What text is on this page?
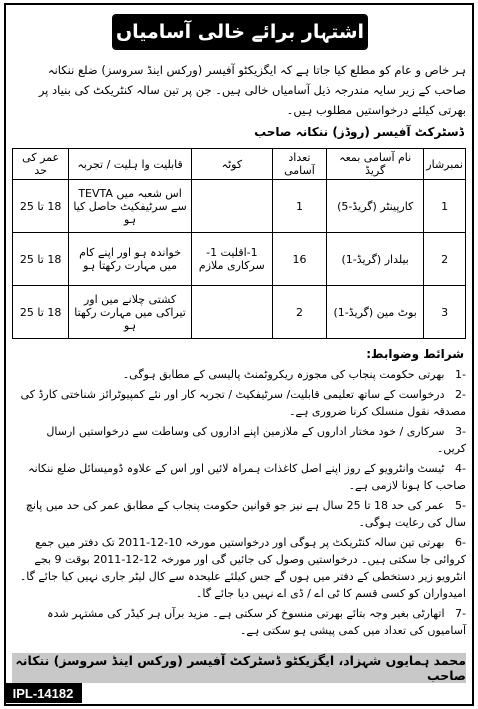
اشتہار برائے خالی آسامیاں
ہر خاص و عام کو مطلع کیا جاتا ہے کہ ایگزیکٹو آفیسر (ورکس اینڈ سروسز) ضلع ننکانہ صاحب کے زیر سایہ مندرجہ ذیل آسامیاں خالی ہیں۔ جن پر تین سالہ کنٹریکٹ کی بنیاد پر بھرتی کیلئے درخواستیں مطلوب ہیں۔
ڈسٹرکٹ آفیسر (روڈز) ننکانہ صاحب
نمبرشار	نام آسامی بمعہ گریڈ	تعداد آسامی	کوٹہ	قابلیت وا ہلیت / تجربہ	عمر کی حد
1	کارپینٹر (گریڈ-5)	1		اس شعبہ میں TEVTA سے سرٹیفکیٹ حاصل کیا ہو	18 تا 25
2	بیلدار (گریڈ-1)	16	1-اقلیت 1-سرکاری ملازم	خواندہ ہو اور اپنے کام میں مہارت رکھتا ہو	18 تا 25
3	بوٹ مین (گریڈ-1)	2		کشتی چلانے میں اور تیراکی میں مہارت رکھتا ہو	18 تا 25
شرائط وضوابط:
-1 بھرتی حکومت پنجاب کی مجوزہ ریکروٹمنٹ پالیسی کے مطابق ہوگی۔
-2 درخواست کے ساتھ تعلیمی قابلیت/ سرٹیفکیٹ / تجربہ کار اور نئے کمپیوٹرائز شناختی کارڈ کی مصدقہ نقول منسلک کرنا ضروری ہے۔
-3 سرکاری / خود مختار اداروں کے ملازمین اپنے اداروں کی وساطت سے درخواستیں ارسال کریں۔
-4 ٹیسٹ وانٹرویو کے روز اپنے اصل کاغذات ہمراہ لائیں اور اس کے علاوہ ڈومیسائل ضلع ننکانہ صاحب کا ہونا لازمی ہے۔
-5 عمر کی حد 18 تا 25 سال ہے نیز جو قوانین حکومت پنجاب کے مطابق عمر کی حد میں پانچ سال کی رعایت ہوگی۔
-6 بھرتی تین سالہ کنٹریکٹ پر ہوگی اور درخواستیں مورخہ 10-12-2011 تک دفتر میں جمع کروائی جا سکتی ہیں۔ درخواستیں وصول کی جائیں گی اور مورخہ 12-12-2011 بوقت 9 بجے انٹرویو زیر دستخطی کے دفتر میں ہوں گے جس کیلئے علیحدہ سے کال لیٹر جاری نہیں کیا جائے گا۔ امیدواران کو کسی قسم کا ٹی اے / ڈی اے نہیں دیا جائے گا۔
-7 اتھارٹی بغیر وجہ بتائے بھرتی منسوخ کر سکتی ہے۔ مزید برآں ہر کیڈر کی مشتہر شدہ آسامیوں کی تعداد میں کمی پیشی ہو سکتی ہے۔
محمد ہمایوں شہزاد، ایگزیکٹو ڈسٹرکٹ آفیسر (ورکس اینڈ سروسز) ننکانہ صاحب
IPL-14182
